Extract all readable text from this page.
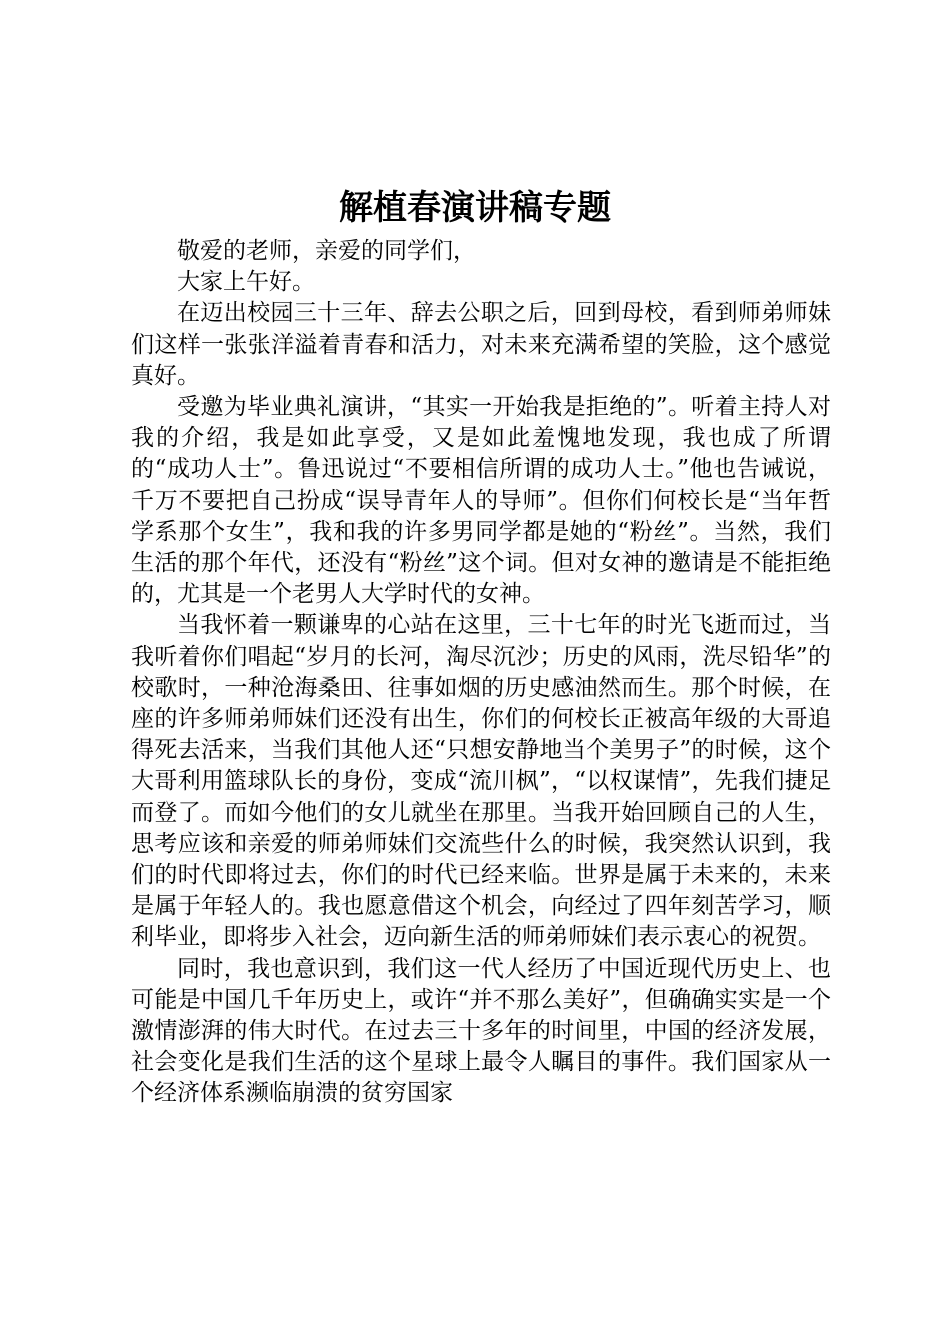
解植春演讲稿专题

敬爱的老师，亲爱的同学们，

大家上午好。

在迈出校园三十三年、辞去公职之后，回到母校，看到师弟师妹们这样一张张洋溢着青春和活力，对未来充满希望的笑脸，这个感觉真好。

受邀为毕业典礼演讲，“其实一开始我是拒绝的”。听着主持人对我的介绍，我是如此享受，又是如此羞愧地发现，我也成了所谓的“成功人士”。鲁迅说过“不要相信所谓的成功人士。”他也告诫说，千万不要把自己扮成“误导青年人的导师”。但你们何校长是“当年哲学系那个女生”，我和我的许多男同学都是她的“粉丝”。当然，我们生活的那个年代，还没有“粉丝”这个词。但对女神的邀请是不能拒绝的，尤其是一个老男人大学时代的女神。

当我怀着一颗谦卑的心站在这里，三十七年的时光飞逝而过，当我听着你们唱起“岁月的长河，淘尽沉沙；历史的风雨，洗尽铅华”的校歌时，一种沧海桑田、往事如烟的历史感油然而生。那个时候，在座的许多师弟师妹们还没有出生，你们的何校长正被高年级的大哥追得死去活来，当我们其他人还“只想安静地当个美男子”的时候，这个大哥利用篮球队长的身份，变成“流川枫”，“以权谋情”，先我们捷足而登了。而如今他们的女儿就坐在那里。当我开始回顾自己的人生，思考应该和亲爱的师弟师妹们交流些什么的时候，我突然认识到，我们的时代即将过去，你们的时代已经来临。世界是属于未来的，未来是属于年轻人的。我也愿意借这个机会，向经过了四年刻苦学习，顺利毕业，即将步入社会，迈向新生活的师弟师妹们表示衷心的祝贺。

同时，我也意识到，我们这一代人经历了中国近现代历史上、也可能是中国几千年历史上，或许“并不那么美好”，但确确实实是一个激情澎湃的伟大时代。在过去三十多年的时间里，中国的经济发展，社会变化是我们生活的这个星球上最令人瞩目的事件。我们国家从一个经济体系濒临崩溃的贫穷国家
